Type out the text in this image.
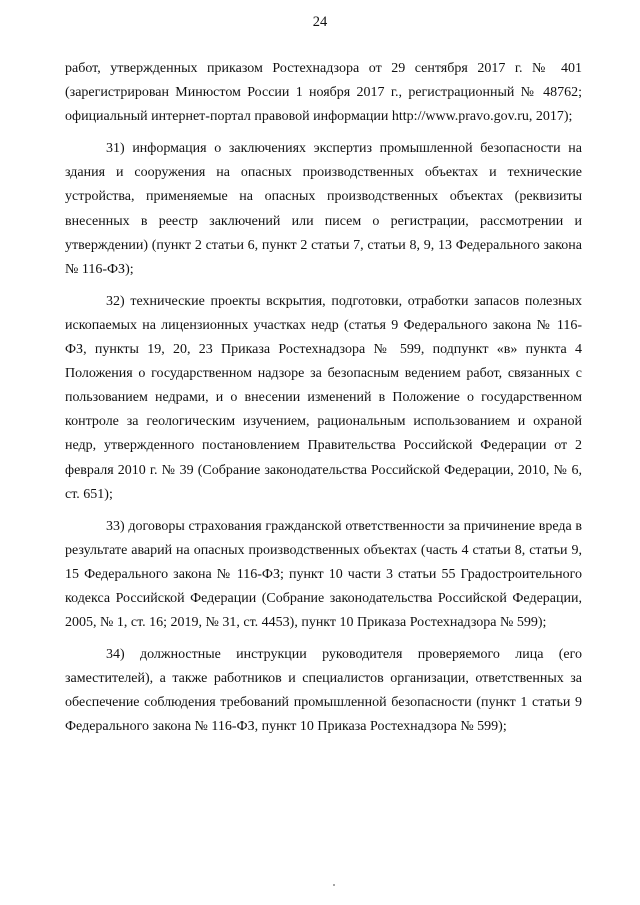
24

работ, утвержденных приказом Ростехнадзора от 29 сентября 2017 г. № 401 (зарегистрирован Минюстом России 1 ноября 2017 г., регистрационный № 48762; официальный интернет-портал правовой информации http://www.pravo.gov.ru, 2017);

31) информация о заключениях экспертиз промышленной безопасности на здания и сооружения на опасных производственных объектах и технические устройства, применяемые на опасных производственных объектах (реквизиты внесенных в реестр заключений или писем о регистрации, рассмотрении и утверждении) (пункт 2 статьи 6, пункт 2 статьи 7, статьи 8, 9, 13 Федерального закона № 116-ФЗ);

32) технические проекты вскрытия, подготовки, отработки запасов полезных ископаемых на лицензионных участках недр (статья 9 Федерального закона № 116-ФЗ, пункты 19, 20, 23 Приказа Ростехнадзора № 599, подпункт «в» пункта 4 Положения о государственном надзоре за безопасным ведением работ, связанных с пользованием недрами, и о внесении изменений в Положение о государственном контроле за геологическим изучением, рациональным использованием и охраной недр, утвержденного постановлением Правительства Российской Федерации от 2 февраля 2010 г. № 39 (Собрание законодательства Российской Федерации, 2010, № 6, ст. 651);

33) договоры страхования гражданской ответственности за причинение вреда в результате аварий на опасных производственных объектах (часть 4 статьи 8, статьи 9, 15 Федерального закона № 116-ФЗ; пункт 10 части 3 статьи 55 Градостроительного кодекса Российской Федерации (Собрание законодательства Российской Федерации, 2005, № 1, ст. 16; 2019, № 31, ст. 4453), пункт 10 Приказа Ростехнадзора № 599);

34) должностные инструкции руководителя проверяемого лица (его заместителей), а также работников и специалистов организации, ответственных за обеспечение соблюдения требований промышленной безопасности (пункт 1 статьи 9 Федерального закона № 116-ФЗ, пункт 10 Приказа Ростехнадзора № 599);
